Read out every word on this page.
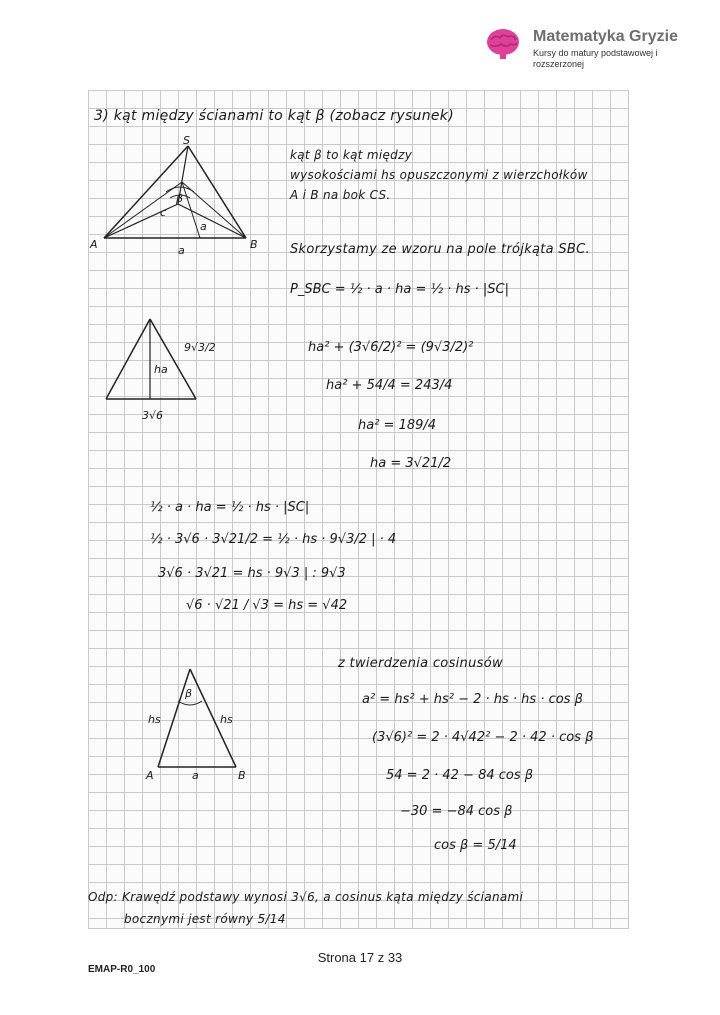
Matematyka Gryzie
Kursy do matury podstawowej i rozszerzonej
3) kąt między ścianami to kąt β (zobacz rysunek)
kąt β to kąt między
wysokościami hs opuszczonymi z wierzchołków
A i B na bok CS.
Skorzystamy ze wzoru na pole trójkąta SBC.
P_SBC = ½ · a · ha = ½ · hs · |SC|
S
A	B
a
a
c
β
9√3/2
ha
3√6
ha² + (3√6/2)² = (9√3/2)²
ha² + 54/4 = 243/4
ha² = 189/4
ha = 3√21/2
½ · a · ha = ½ · hs · |SC|
½ · 3√6 · 3√21/2 = ½ · hs · 9√3/2 | · 4
3√6 · 3√21 = hs · 9√3 | : 9√3
√6 · √21 / √3 = hs = √42
z twierdzenia cosinusów
β
hs	hs
A	B
a
a² = hs² + hs² − 2 · hs · hs · cos β
(3√6)² = 2 · 4√42² − 2 · 42 · cos β
54 = 2 · 42 − 84 cos β
−30 = −84 cos β
cos β = 5/14
Odp: Krawędź podstawy wynosi 3√6, a cosinus kąta między ścianami
bocznymi jest równy 5/14
Strona 17 z 33
EMAP-R0_100
